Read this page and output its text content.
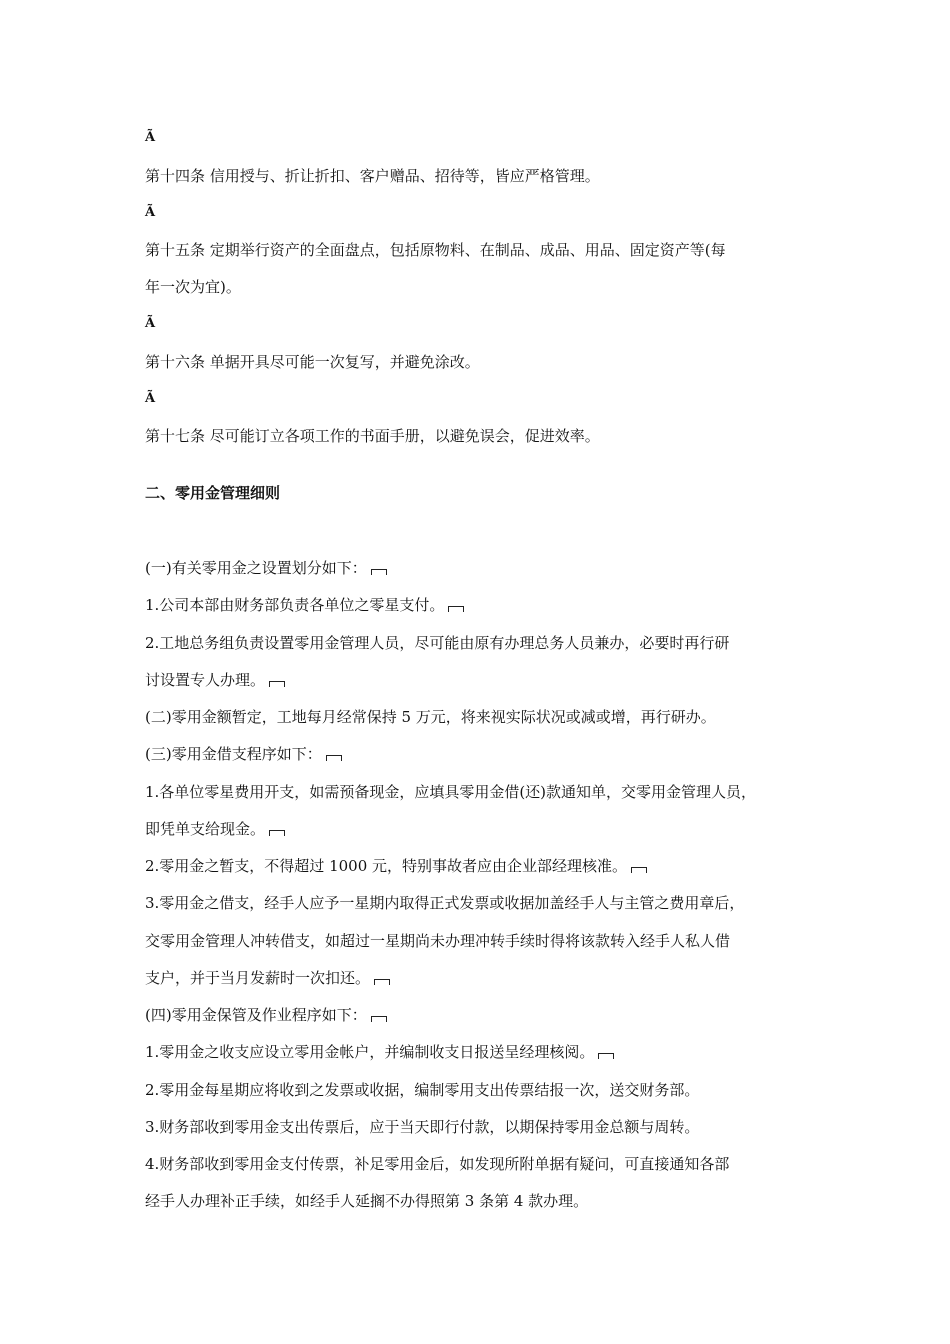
Ã
第十四条 信用授与、折让折扣、客户赠品、招待等，皆应严格管理。
Ã
第十五条 定期举行资产的全面盘点，包括原物料、在制品、成品、用品、固定资产等(每
年一次为宜)。
Ã
第十六条 单据开具尽可能一次复写，并避免涂改。
Ã
第十七条 尽可能订立各项工作的书面手册，以避免误会，促进效率。
二、零用金管理细则
(一)有关零用金之设置划分如下：
1.公司本部由财务部负责各单位之零星支付。
2.工地总务组负责设置零用金管理人员，尽可能由原有办理总务人员兼办，必要时再行研
讨设置专人办理。
(二)零用金额暂定，工地每月经常保持 5 万元，将来视实际状况或减或增，再行研办。
(三)零用金借支程序如下：
1.各单位零星费用开支，如需预备现金，应填具零用金借(还)款通知单，交零用金管理人员，
即凭单支给现金。
2.零用金之暂支，不得超过 1000 元，特别事故者应由企业部经理核准。
3.零用金之借支，经手人应予一星期内取得正式发票或收据加盖经手人与主管之费用章后，
交零用金管理人冲转借支，如超过一星期尚未办理冲转手续时得将该款转入经手人私人借
支户，并于当月发薪时一次扣还。
(四)零用金保管及作业程序如下：
1.零用金之收支应设立零用金帐户，并编制收支日报送呈经理核阅。
2.零用金每星期应将收到之发票或收据，编制零用支出传票结报一次，送交财务部。
3.财务部收到零用金支出传票后，应于当天即行付款，以期保持零用金总额与周转。
4.财务部收到零用金支付传票，补足零用金后，如发现所附单据有疑问，可直接通知各部
经手人办理补正手续，如经手人延搁不办得照第 3 条第 4 款办理。
